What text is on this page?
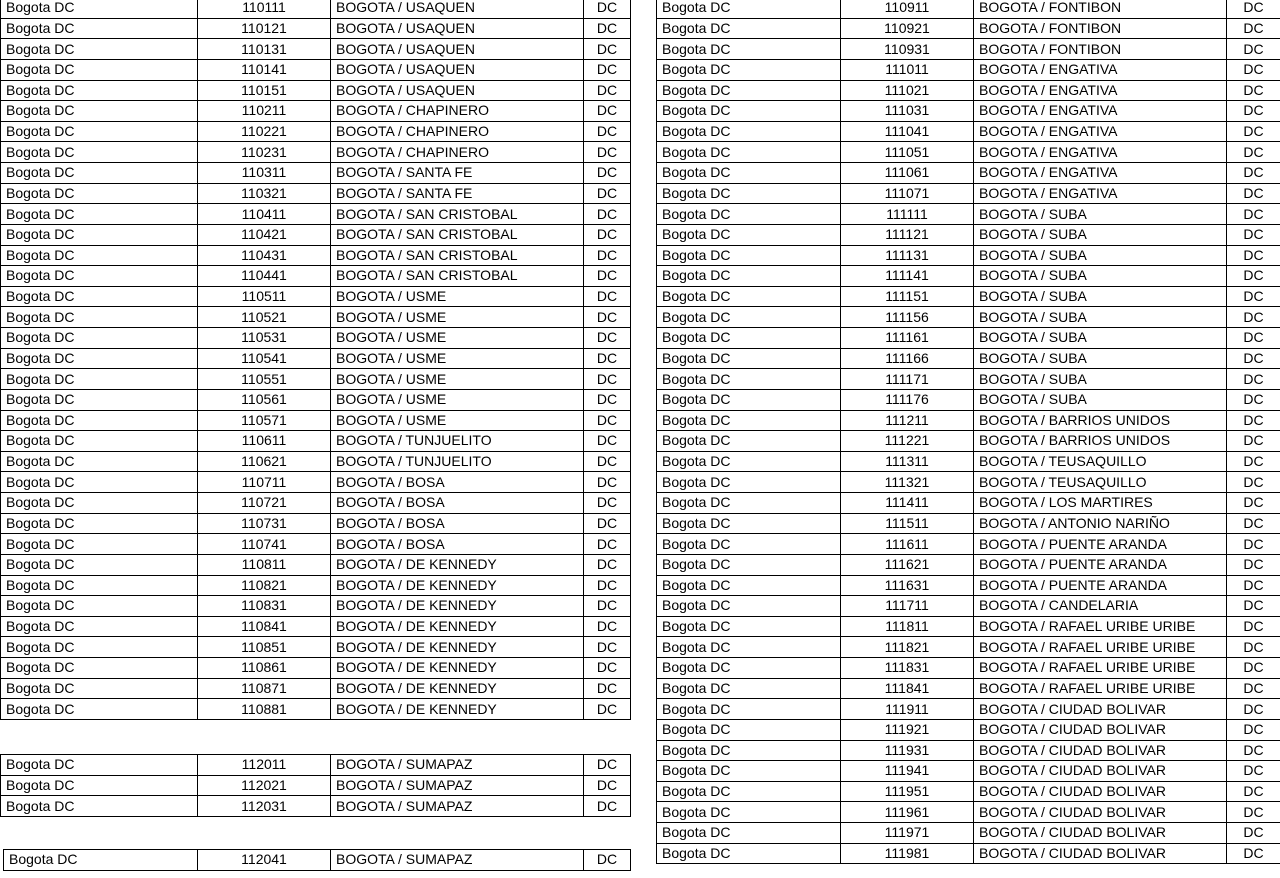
Bogota DC	110111	BOGOTA / USAQUEN	DC
Bogota DC	110121	BOGOTA / USAQUEN	DC
Bogota DC	110131	BOGOTA / USAQUEN	DC
Bogota DC	110141	BOGOTA / USAQUEN	DC
Bogota DC	110151	BOGOTA / USAQUEN	DC
Bogota DC	110211	BOGOTA / CHAPINERO	DC
Bogota DC	110221	BOGOTA / CHAPINERO	DC
Bogota DC	110231	BOGOTA / CHAPINERO	DC
Bogota DC	110311	BOGOTA / SANTA FE	DC
Bogota DC	110321	BOGOTA / SANTA FE	DC
Bogota DC	110411	BOGOTA / SAN CRISTOBAL	DC
Bogota DC	110421	BOGOTA / SAN CRISTOBAL	DC
Bogota DC	110431	BOGOTA / SAN CRISTOBAL	DC
Bogota DC	110441	BOGOTA / SAN CRISTOBAL	DC
Bogota DC	110511	BOGOTA / USME	DC
Bogota DC	110521	BOGOTA / USME	DC
Bogota DC	110531	BOGOTA / USME	DC
Bogota DC	110541	BOGOTA / USME	DC
Bogota DC	110551	BOGOTA / USME	DC
Bogota DC	110561	BOGOTA / USME	DC
Bogota DC	110571	BOGOTA / USME	DC
Bogota DC	110611	BOGOTA / TUNJUELITO	DC
Bogota DC	110621	BOGOTA / TUNJUELITO	DC
Bogota DC	110711	BOGOTA / BOSA	DC
Bogota DC	110721	BOGOTA / BOSA	DC
Bogota DC	110731	BOGOTA / BOSA	DC
Bogota DC	110741	BOGOTA / BOSA	DC
Bogota DC	110811	BOGOTA / DE KENNEDY	DC
Bogota DC	110821	BOGOTA / DE KENNEDY	DC
Bogota DC	110831	BOGOTA / DE KENNEDY	DC
Bogota DC	110841	BOGOTA / DE KENNEDY	DC
Bogota DC	110851	BOGOTA / DE KENNEDY	DC
Bogota DC	110861	BOGOTA / DE KENNEDY	DC
Bogota DC	110871	BOGOTA / DE KENNEDY	DC
Bogota DC	110881	BOGOTA / DE KENNEDY	DC
Bogota DC	112011	BOGOTA / SUMAPAZ	DC
Bogota DC	112021	BOGOTA / SUMAPAZ	DC
Bogota DC	112031	BOGOTA / SUMAPAZ	DC
Bogota DC	112041	BOGOTA / SUMAPAZ	DC
Bogota DC	110911	BOGOTA / FONTIBON	DC
Bogota DC	110921	BOGOTA / FONTIBON	DC
Bogota DC	110931	BOGOTA / FONTIBON	DC
Bogota DC	111011	BOGOTA / ENGATIVA	DC
Bogota DC	111021	BOGOTA / ENGATIVA	DC
Bogota DC	111031	BOGOTA / ENGATIVA	DC
Bogota DC	111041	BOGOTA / ENGATIVA	DC
Bogota DC	111051	BOGOTA / ENGATIVA	DC
Bogota DC	111061	BOGOTA / ENGATIVA	DC
Bogota DC	111071	BOGOTA / ENGATIVA	DC
Bogota DC	111111	BOGOTA / SUBA	DC
Bogota DC	111121	BOGOTA / SUBA	DC
Bogota DC	111131	BOGOTA / SUBA	DC
Bogota DC	111141	BOGOTA / SUBA	DC
Bogota DC	111151	BOGOTA / SUBA	DC
Bogota DC	111156	BOGOTA / SUBA	DC
Bogota DC	111161	BOGOTA / SUBA	DC
Bogota DC	111166	BOGOTA / SUBA	DC
Bogota DC	111171	BOGOTA / SUBA	DC
Bogota DC	111176	BOGOTA / SUBA	DC
Bogota DC	111211	BOGOTA / BARRIOS UNIDOS	DC
Bogota DC	111221	BOGOTA / BARRIOS UNIDOS	DC
Bogota DC	111311	BOGOTA / TEUSAQUILLO	DC
Bogota DC	111321	BOGOTA / TEUSAQUILLO	DC
Bogota DC	111411	BOGOTA / LOS MARTIRES	DC
Bogota DC	111511	BOGOTA / ANTONIO NARIÑO	DC
Bogota DC	111611	BOGOTA / PUENTE ARANDA	DC
Bogota DC	111621	BOGOTA / PUENTE ARANDA	DC
Bogota DC	111631	BOGOTA / PUENTE ARANDA	DC
Bogota DC	111711	BOGOTA / CANDELARIA	DC
Bogota DC	111811	BOGOTA / RAFAEL URIBE URIBE	DC
Bogota DC	111821	BOGOTA / RAFAEL URIBE URIBE	DC
Bogota DC	111831	BOGOTA / RAFAEL URIBE URIBE	DC
Bogota DC	111841	BOGOTA / RAFAEL URIBE URIBE	DC
Bogota DC	111911	BOGOTA / CIUDAD BOLIVAR	DC
Bogota DC	111921	BOGOTA / CIUDAD BOLIVAR	DC
Bogota DC	111931	BOGOTA / CIUDAD BOLIVAR	DC
Bogota DC	111941	BOGOTA / CIUDAD BOLIVAR	DC
Bogota DC	111951	BOGOTA / CIUDAD BOLIVAR	DC
Bogota DC	111961	BOGOTA / CIUDAD BOLIVAR	DC
Bogota DC	111971	BOGOTA / CIUDAD BOLIVAR	DC
Bogota DC	111981	BOGOTA / CIUDAD BOLIVAR	DC
